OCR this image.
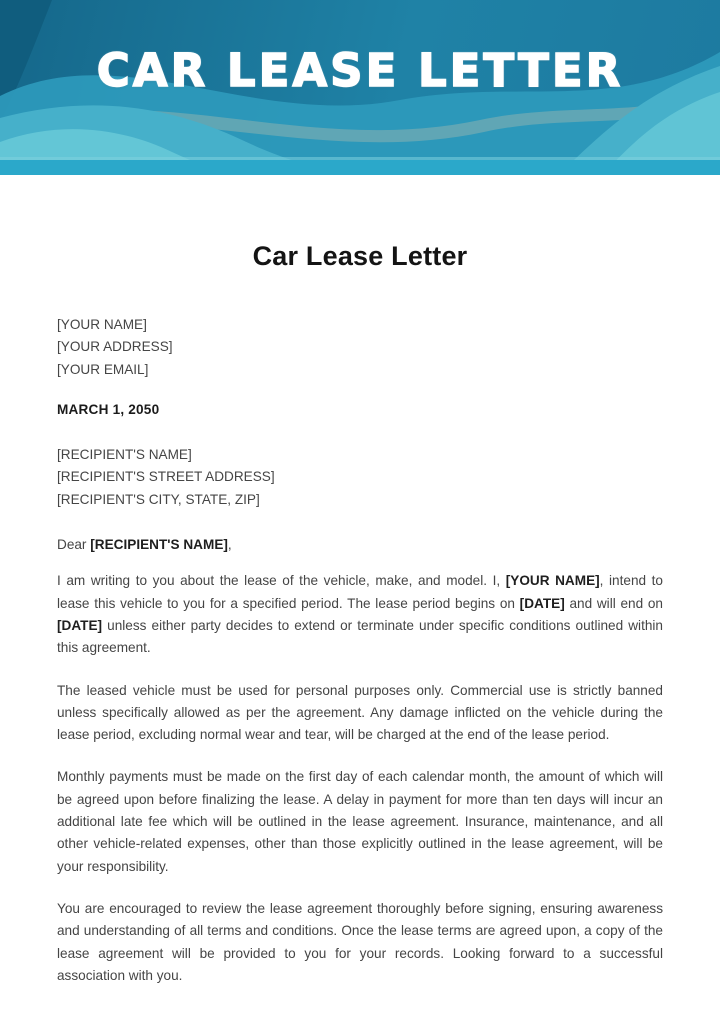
CAR LEASE LETTER
Car Lease Letter
[YOUR NAME]
[YOUR ADDRESS]
[YOUR EMAIL]
MARCH 1, 2050
[RECIPIENT'S NAME]
[RECIPIENT'S STREET ADDRESS]
[RECIPIENT'S CITY, STATE, ZIP]
Dear [RECIPIENT'S NAME],

I am writing to you about the lease of the vehicle, make, and model. I, [YOUR NAME], intend to lease this vehicle to you for a specified period. The lease period begins on [DATE] and will end on [DATE] unless either party decides to extend or terminate under specific conditions outlined within this agreement.

The leased vehicle must be used for personal purposes only. Commercial use is strictly banned unless specifically allowed as per the agreement. Any damage inflicted on the vehicle during the lease period, excluding normal wear and tear, will be charged at the end of the lease period.

Monthly payments must be made on the first day of each calendar month, the amount of which will be agreed upon before finalizing the lease. A delay in payment for more than ten days will incur an additional late fee which will be outlined in the lease agreement. Insurance, maintenance, and all other vehicle-related expenses, other than those explicitly outlined in the lease agreement, will be your responsibility.

You are encouraged to review the lease agreement thoroughly before signing, ensuring awareness and understanding of all terms and conditions. Once the lease terms are agreed upon, a copy of the lease agreement will be provided to you for your records. Looking forward to a successful association with you.
